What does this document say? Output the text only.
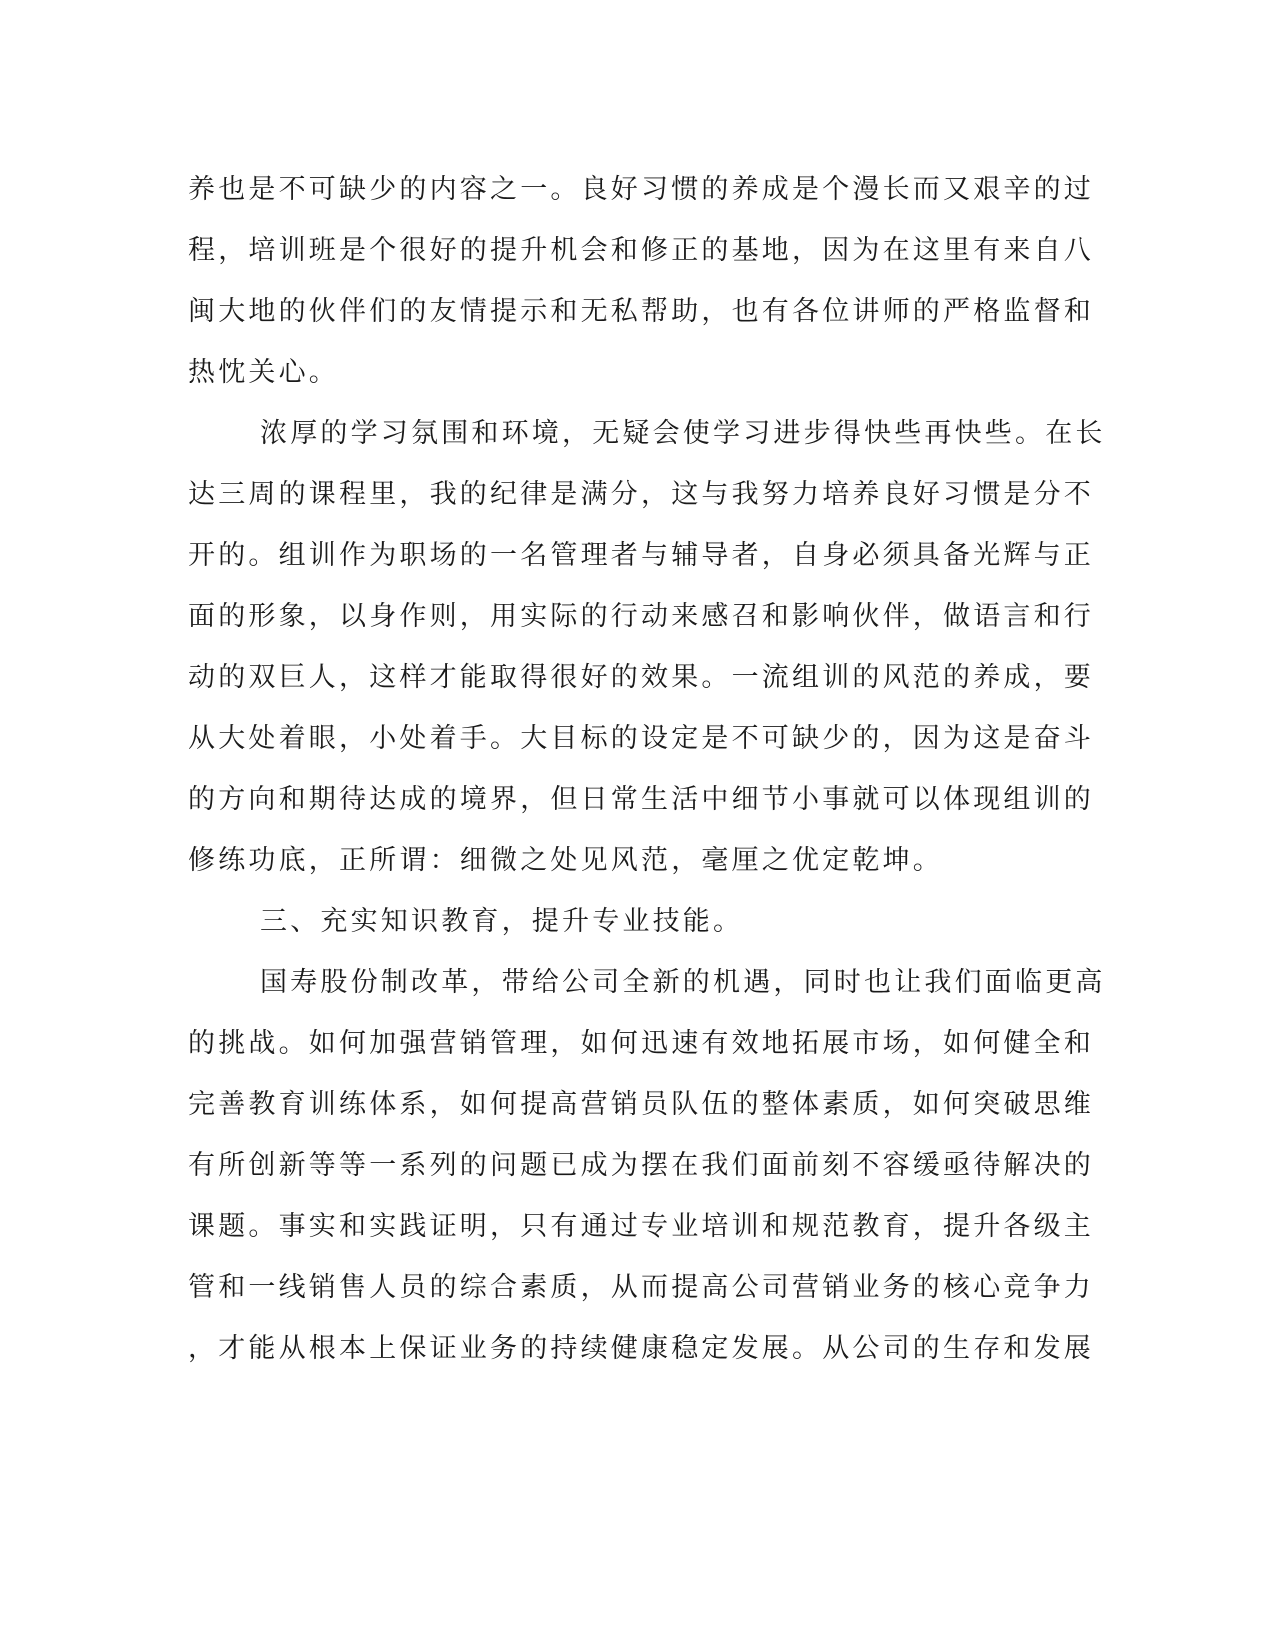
养也是不可缺少的内容之一。良好习惯的养成是个漫长而又艰辛的过
程，培训班是个很好的提升机会和修正的基地，因为在这里有来自八
闽大地的伙伴们的友情提示和无私帮助，也有各位讲师的严格监督和
热忱关心。
浓厚的学习氛围和环境，无疑会使学习进步得快些再快些。在长
达三周的课程里，我的纪律是满分，这与我努力培养良好习惯是分不
开的。组训作为职场的一名管理者与辅导者，自身必须具备光辉与正
面的形象，以身作则，用实际的行动来感召和影响伙伴，做语言和行
动的双巨人，这样才能取得很好的效果。一流组训的风范的养成，要
从大处着眼，小处着手。大目标的设定是不可缺少的，因为这是奋斗
的方向和期待达成的境界，但日常生活中细节小事就可以体现组训的
修练功底，正所谓：细微之处见风范，毫厘之优定乾坤。
三、充实知识教育，提升专业技能。
国寿股份制改革，带给公司全新的机遇，同时也让我们面临更高
的挑战。如何加强营销管理，如何迅速有效地拓展市场，如何健全和
完善教育训练体系，如何提高营销员队伍的整体素质，如何突破思维
有所创新等等一系列的问题已成为摆在我们面前刻不容缓亟待解决的
课题。事实和实践证明，只有通过专业培训和规范教育，提升各级主
管和一线销售人员的综合素质，从而提高公司营销业务的核心竞争力
，才能从根本上保证业务的持续健康稳定发展。从公司的生存和发展
